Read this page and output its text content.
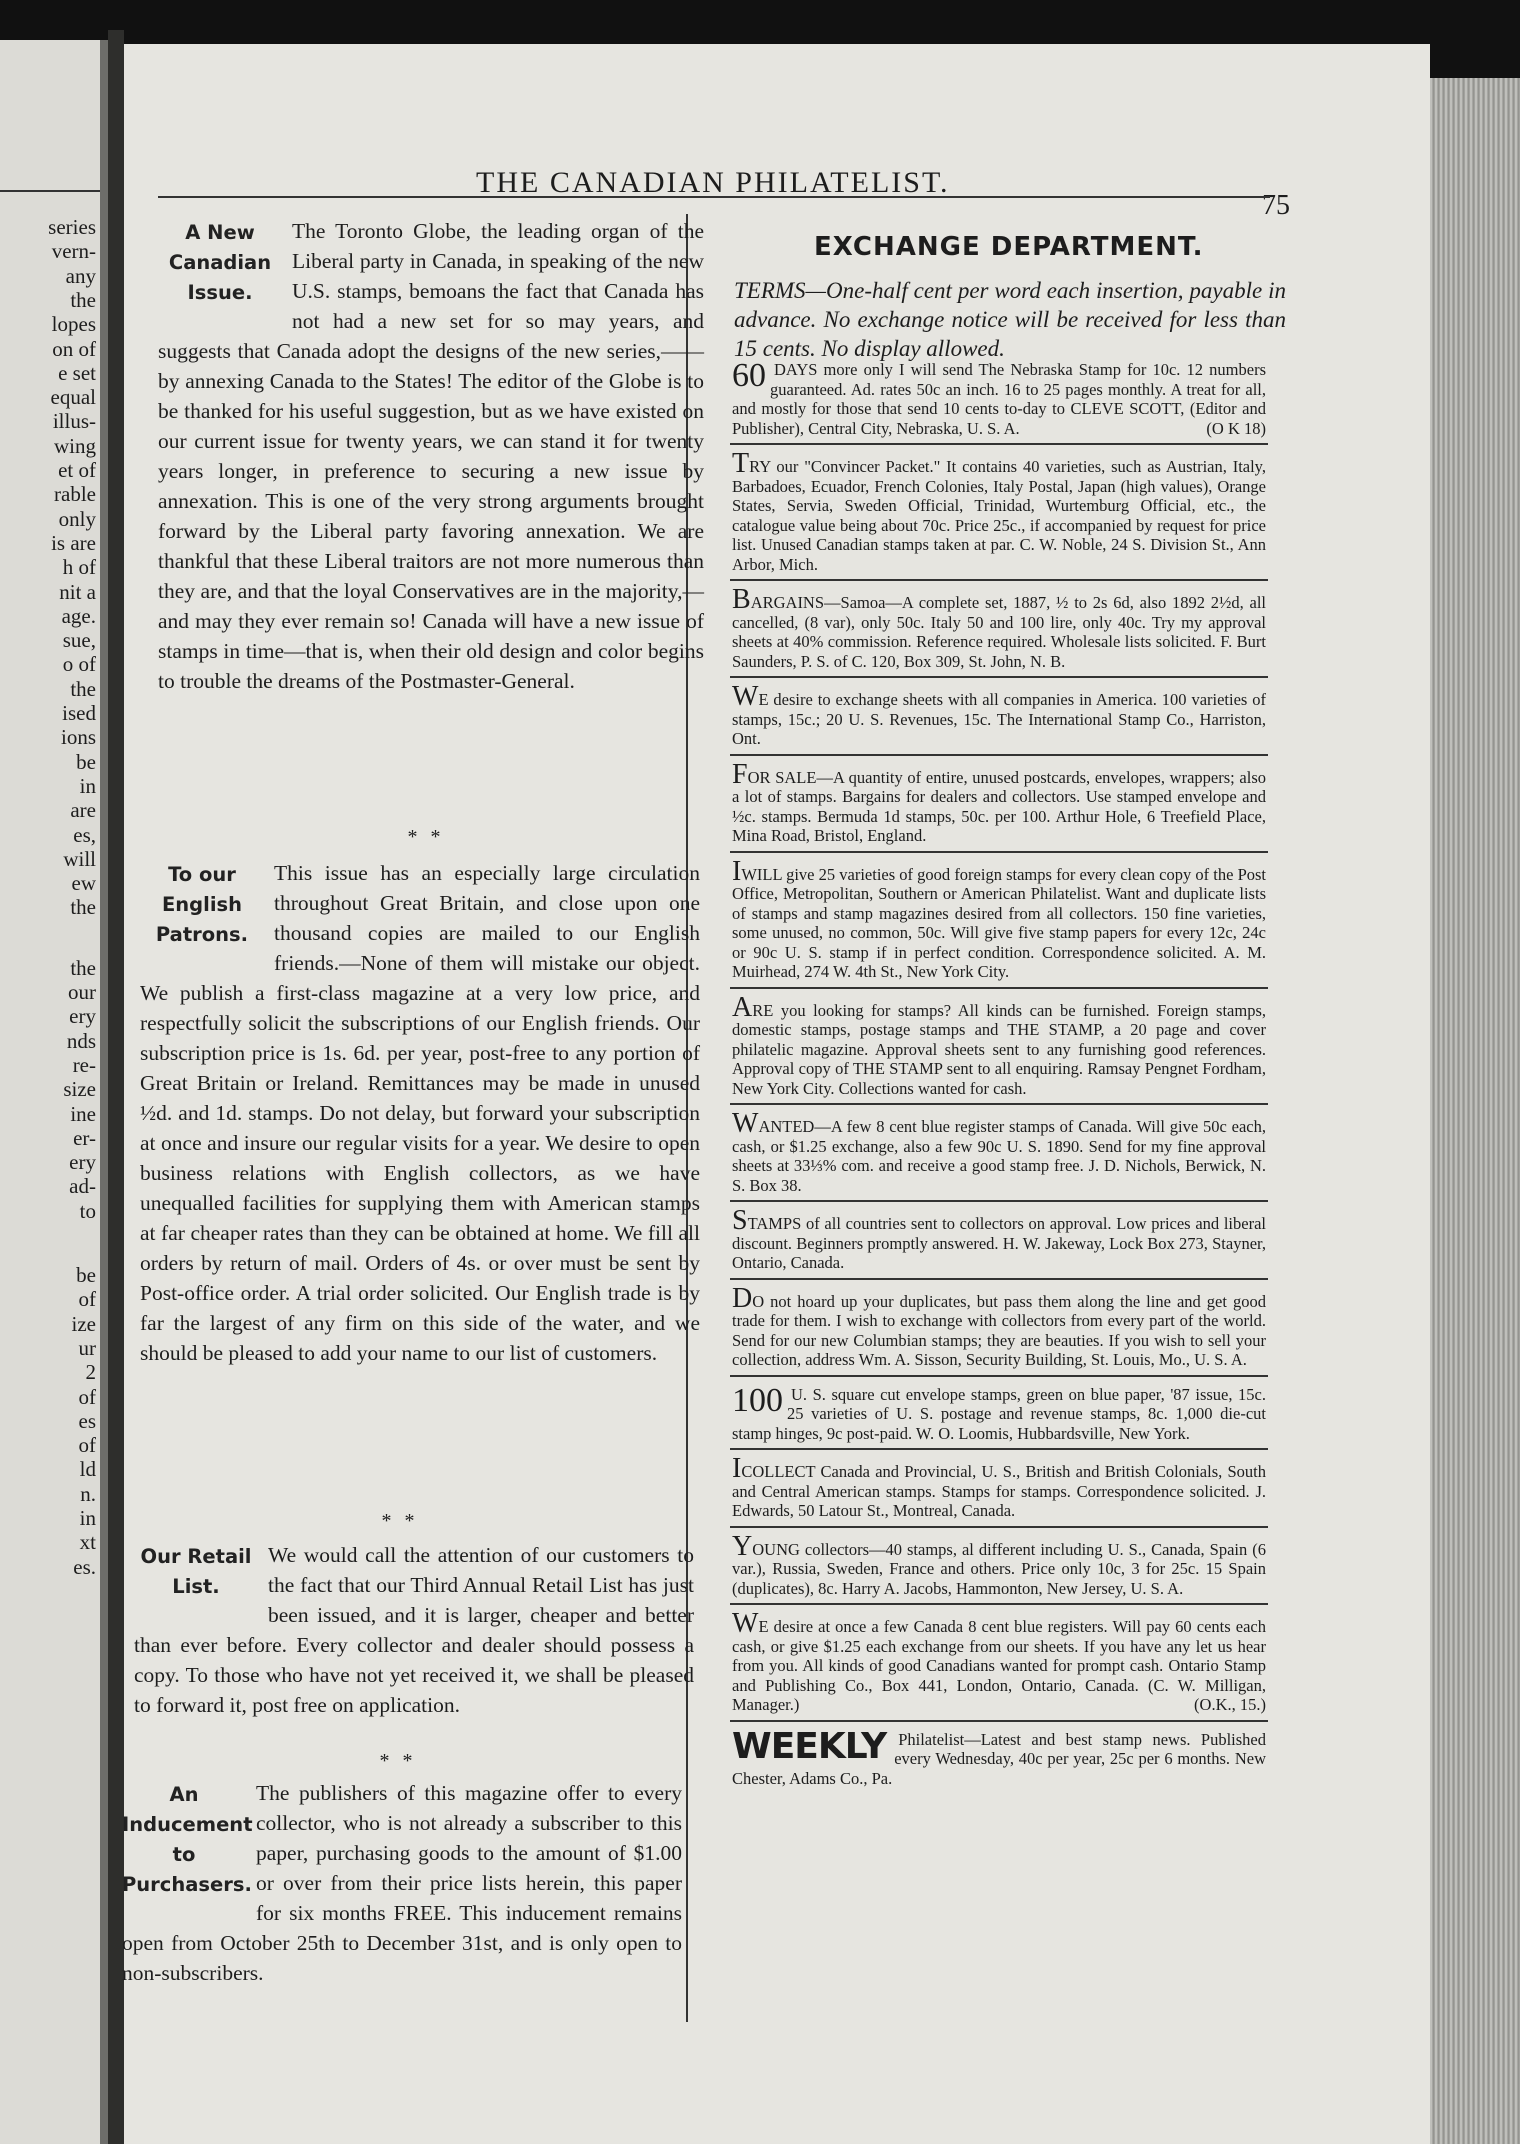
series
vern-
any
the
lopes
on of
e set
equal
illus-
wing
et of
rable
only
is are
h of
nit a
age.
sue,
o of
the
ised
ions
be
in
are
es,
will
ew
the
the
our
ery
nds
re-
size
ine
er-
ery
ad-
to
be
of
ize
ur
2
of
es
of
ld
n.
in
xt
es.
THE CANADIAN PHILATELIST.
75
A New Canadian Issue.

The Toronto Globe, the leading organ of the Liberal party in Canada, in speaking of the new U.S. stamps, bemoans the fact that Canada has not had a new set for so may years, and suggests that Canada adopt the designs of the new series,——by annexing Canada to the States! The editor of the Globe is to be thanked for his useful suggestion, but as we have existed on our current issue for twenty years, we can stand it for twenty years longer, in preference to securing a new issue by annexation. This is one of the very strong arguments brought forward by the Liberal party favoring annexation. We are thankful that these Liberal traitors are not more numerous than they are, and that the loyal Conservatives are in the majority,—and may they ever remain so! Canada will have a new issue of stamps in time—that is, when their old design and color begins to trouble the dreams of the Postmaster-General.

* *
To our English Patrons.

This issue has an especially large circulation throughout Great Britain, and close upon one thousand copies are mailed to our English friends.—None of them will mistake our object. We publish a first-class magazine at a very low price, and respectfully solicit the subscriptions of our English friends. Our subscription price is 1s. 6d. per year, post-free to any portion of Great Britain or Ireland. Remittances may be made in unused ½d. and 1d. stamps. Do not delay, but forward your subscription at once and insure our regular visits for a year. We desire to open business relations with English collectors, as we have unequalled facilities for supplying them with American stamps at far cheaper rates than they can be obtained at home. We fill all orders by return of mail. Orders of 4s. or over must be sent by Post-office order. A trial order solicited. Our English trade is by far the largest of any firm on this side of the water, and we should be pleased to add your name to our list of customers.

* *
Our Retail List.

We would call the attention of our customers to the fact that our Third Annual Retail List has just been issued, and it is larger, cheaper and better than ever before. Every collector and dealer should possess a copy. To those who have not yet received it, we shall be pleased to forward it, post free on application.

* *
An Inducement to Purchasers.

The publishers of this magazine offer to every collector, who is not already a subscriber to this paper, purchasing goods to the amount of $1.00 or over from their price lists herein, this paper for six months FREE. This inducement remains open from October 25th to December 31st, and is only open to non-subscribers.

EXCHANGE DEPARTMENT.
TERMS—One-half cent per word each insertion, payable in advance. No exchange notice will be received for less than 15 cents. No display allowed.
60 DAYS more only I will send The Nebraska Stamp for 10c. 12 numbers guaranteed. Ad. rates 50c an inch. 16 to 25 pages monthly. A treat for all, and mostly for those that send 10 cents to-day to CLEVE SCOTT, (Editor and Publisher), Central City, Nebraska, U. S. A.	(O K 18)
TRY our "Convincer Packet." It contains 40 varieties, such as Austrian, Italy, Barbadoes, Ecuador, French Colonies, Italy Postal, Japan (high values), Orange States, Servia, Sweden Official, Trinidad, Wurtemburg Official, etc., the catalogue value being about 70c. Price 25c., if accompanied by request for price list. Unused Canadian stamps taken at par. C. W. Noble, 24 S. Division St., Ann Arbor, Mich.
BARGAINS—Samoa—A complete set, 1887, ½ to 2s 6d, also 1892 2½d, all cancelled, (8 var), only 50c. Italy 50 and 100 lire, only 40c. Try my approval sheets at 40% commission. Reference required. Wholesale lists solicited. F. Burt Saunders, P. S. of C. 120, Box 309, St. John, N. B.
WE desire to exchange sheets with all companies in America. 100 varieties of stamps, 15c.; 20 U. S. Revenues, 15c. The International Stamp Co., Harriston, Ont.
FOR SALE—A quantity of entire, unused postcards, envelopes, wrappers; also a lot of stamps. Bargains for dealers and collectors. Use stamped envelope and ½c. stamps. Bermuda 1d stamps, 50c. per 100. Arthur Hole, 6 Treefield Place, Mina Road, Bristol, England.
IWILL give 25 varieties of good foreign stamps for every clean copy of the Post Office, Metropolitan, Southern or American Philatelist. Want and duplicate lists of stamps and stamp magazines desired from all collectors. 150 fine varieties, some unused, no common, 50c. Will give five stamp papers for every 12c, 24c or 90c U. S. stamp if in perfect condition. Correspondence solicited. A. M. Muirhead, 274 W. 4th St., New York City.
ARE you looking for stamps? All kinds can be furnished. Foreign stamps, domestic stamps, postage stamps and THE STAMP, a 20 page and cover philatelic magazine. Approval sheets sent to any furnishing good references. Approval copy of THE STAMP sent to all enquiring. Ramsay Pengnet Fordham, New York City. Collections wanted for cash.
WANTED—A few 8 cent blue register stamps of Canada. Will give 50c each, cash, or $1.25 exchange, also a few 90c U. S. 1890. Send for my fine approval sheets at 33⅓% com. and receive a good stamp free. J. D. Nichols, Berwick, N. S. Box 38.
STAMPS of all countries sent to collectors on approval. Low prices and liberal discount. Beginners promptly answered. H. W. Jakeway, Lock Box 273, Stayner, Ontario, Canada.
DO not hoard up your duplicates, but pass them along the line and get good trade for them. I wish to exchange with collectors from every part of the world. Send for our new Columbian stamps; they are beauties. If you wish to sell your collection, address Wm. A. Sisson, Security Building, St. Louis, Mo., U. S. A.
100 U. S. square cut envelope stamps, green on blue paper, '87 issue, 15c. 25 varieties of U. S. postage and revenue stamps, 8c. 1,000 die-cut stamp hinges, 9c post-paid. W. O. Loomis, Hubbardsville, New York.
ICOLLECT Canada and Provincial, U. S., British and British Colonials, South and Central American stamps. Stamps for stamps. Correspondence solicited. J. Edwards, 50 Latour St., Montreal, Canada.
YOUNG collectors—40 stamps, al different including U. S., Canada, Spain (6 var.), Russia, Sweden, France and others. Price only 10c, 3 for 25c. 15 Spain (duplicates), 8c. Harry A. Jacobs, Hammonton, New Jersey, U. S. A.
WE desire at once a few Canada 8 cent blue registers. Will pay 60 cents each cash, or give $1.25 each exchange from our sheets. If you have any let us hear from you. All kinds of good Canadians wanted for prompt cash. Ontario Stamp and Publishing Co., Box 441, London, Ontario, Canada. (C. W. Milligan, Manager.)	(O.K., 15.)
WEEKLY Philatelist—Latest and best stamp news. Published every Wednesday, 40c per year, 25c per 6 months. New Chester, Adams Co., Pa.
